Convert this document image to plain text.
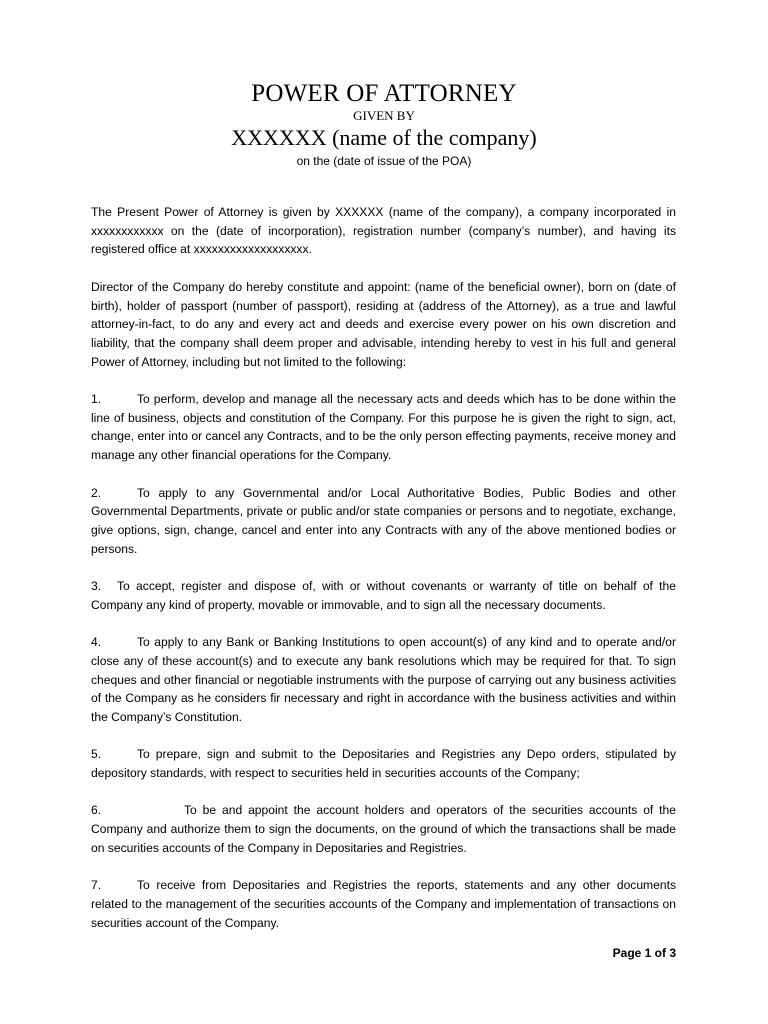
POWER OF ATTORNEY
GIVEN BY
XXXXXX (name of the company)
on the (date of issue of the POA)

The Present Power of Attorney is given by XXXXXX (name of the company), a company incorporated in xxxxxxxxxxxx on the (date of incorporation), registration number (company’s number), and having its registered office at xxxxxxxxxxxxxxxxxxx.

Director of the Company do hereby constitute and appoint: (name of the beneficial owner), born on (date of birth), holder of passport (number of passport), residing at (address of the Attorney), as a true and lawful attorney-in-fact, to do any and every act and deeds and exercise every power on his own discretion and liability, that the company shall deem proper and advisable, intending hereby to vest in his full and general Power of Attorney, including but not limited to the following:

1.	To perform, develop and manage all the necessary acts and deeds which has to be done within the line of business, objects and constitution of the Company. For this purpose he is given the right to sign, act, change, enter into or cancel any Contracts, and to be the only person effecting payments, receive money and manage any other financial operations for the Company.

2.	To apply to any Governmental and/or Local Authoritative Bodies, Public Bodies and other Governmental Departments, private or public and/or state companies or persons and to negotiate, exchange, give options, sign, change, cancel and enter into any Contracts with any of the above mentioned bodies or persons.

3. To accept, register and dispose of, with or without covenants or warranty of title on behalf of the Company any kind of property, movable or immovable, and to sign all the necessary documents.

4.	To apply to any Bank or Banking Institutions to open account(s) of any kind and to operate and/or close any of these account(s) and to execute any bank resolutions which may be required for that. To sign cheques and other financial or negotiable instruments with the purpose of carrying out any business activities of the Company as he considers fir necessary and right in accordance with the business activities and within the Company’s Constitution.

5.	To prepare, sign and submit to the Depositaries and Registries any Depo orders, stipulated by depository standards, with respect to securities held in securities accounts of the Company;

6.	To be and appoint the account holders and operators of the securities accounts of the Company and authorize them to sign the documents, on the ground of which the transactions shall be made on securities accounts of the Company in Depositaries and Registries.

7.	To receive from Depositaries and Registries the reports, statements and any other documents related to the management of the securities accounts of the Company and implementation of transactions on securities account of the Company.

Page 1 of 3
